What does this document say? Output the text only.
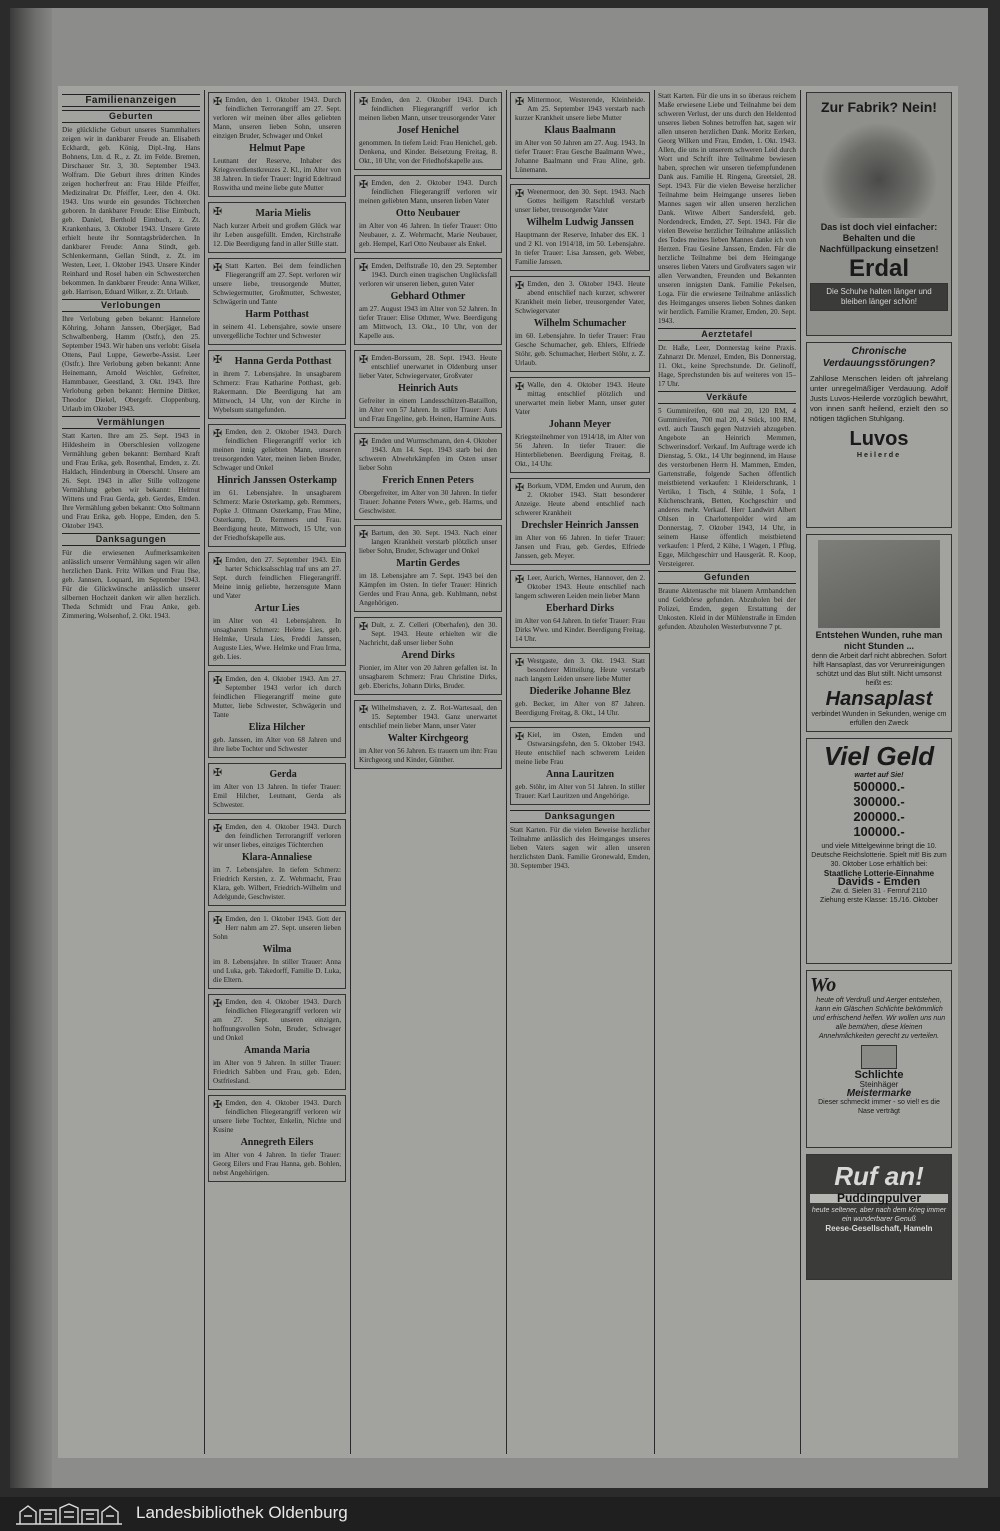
Familienanzeigen
Geburten
Die glückliche Geburt unseres Stammhalters zeigen wir in dankbarer Freude an. Elisabeth Eckhardt, geb. König, Dipl.-Ing. Hans Bohnens, Ltn. d. R., z. Zt. im Felde. Bremen, Dirschauer Str. 3, 30. September 1943. Wolfram. Die Geburt ihres dritten Kindes zeigen hocherfreut an: Frau Hilde Pfeiffer, Medizinalrat Dr. Pfeiffer, Leer, den 4. Okt. 1943. Uns wurde ein gesundes Töchterchen geboren. In dankbarer Freude: Elise Eimbuch, geb. Daniel, Berthold Eimbuch, z. Zt. Krankenhaus, 3. Oktober 1943. Unsere Grete erhielt heute ihr Sonntagsbrüderchen. In dankbarer Freude: Anna Stindt, geb. Schlenkermann, Gellan Stindt, z. Zt. im Westen, Leer, 1. Oktober 1943. Unsere Kinder Reinhard und Rosel haben ein Schwesterchen bekommen. In dankbarer Freude: Anna Wilker, geb. Harrison, Eduard Wilker, z. Zt. Urlaub.
Verlobungen
Ihre Verlobung geben bekannt: Hannelore Köhring, Johann Janssen, Oberjäger, Bad Schwalbenberg, Hamm (Ostfr.), den 25. September 1943. Wir haben uns verlobt: Gisela Ottens, Paul Luppe, Gewerbe-Assist. Leer (Ostfr.). Ihre Verlobung geben bekannt: Anne Heinemann, Arnold Weichler, Gefreiter, Hammbauer, Geestland, 3. Okt. 1943. Ihre Verlobung geben bekannt: Hermine Dittker, Theodor Diekel, Obergefr. Cloppenburg, Urlaub im Oktober 1943.
Vermählungen
Statt Karten. Ihre am 25. Sept. 1943 in Hildesheim in Oberschlesien vollzogene Vermählung geben bekannt: Bernhard Kraft und Frau Erika, geb. Rosenthal, Emden, z. Zt. Haldach, Hindenburg in Oberschl. Unsere am 26. Sept. 1943 in aller Stille vollzogene Vermählung geben wir bekannt: Helmut Wittens und Frau Gerda, geb. Gerdes, Emden. Ihre Vermählung geben bekannt: Otto Soltmann und Frau Erika, geb. Hoppe, Emden, den 5. Oktober 1943.
Danksagungen
Für die erwiesenen Aufmerksamkeiten anlässlich unserer Vermählung sagen wir allen herzlichen Dank. Fritz Wilken und Frau Ilse, geb. Jannsen, Loquard, im September 1943. Für die Glückwünsche anlässlich unserer silbernen Hochzeit danken wir allen herzlich. Theda Schmidt und Frau Anke, geb. Zimmering, Wolsenhof, 2. Okt. 1943.
✠ Emden, den 1. Oktober 1943. Durch feindlichen Terrorangriff am 27. Sept. verloren wir meinen über alles geliebten Mann, unseren lieben Sohn, unseren einzigen Bruder, Schwager und Onkel
Helmut Pape
Leutnant der Reserve, Inhaber des Kriegsverdienstkreuzes 2. Kl., im Alter von 38 Jahren. In tiefer Trauer: Ingrid Edeltraud Roswitha und meine liebe gute Mutter
✠	Maria Mielis
Nach kurzer Arbeit und großem Glück war ihr Leben ausgefüllt. Emden, Kirchstraße 12. Die Beerdigung fand in aller Stille statt.
✠ Statt Karten. Bei dem feindlichen Fliegerangriff am 27. Sept. verloren wir unsere liebe, treusorgende Mutter, Schwiegermutter, Großmutter, Schwester, Schwägerin und Tante
Harm Potthast
in seinem 41. Lebensjahre, sowie unsere unvergeßliche Tochter und Schwester
✠	Hanna Gerda Potthast
in ihrem 7. Lebensjahre. In unsagbarem Schmerz: Frau Katharine Potthast, geb. Rakermann. Die Beerdigung hat am Mittwoch, 14 Uhr, von der Kirche in Wybelsum stattgefunden.
✠ Emden, den 2. Oktober 1943. Durch feindlichen Fliegerangriff verlor ich meinen innig geliebten Mann, unseren treusorgenden Vater, meinen lieben Bruder, Schwager und Onkel
Hinrich Janssen Osterkamp
im 61. Lebensjahre. In unsagbarem Schmerz: Marie Osterkamp, geb. Remmers, Popke J. Oltmann Osterkamp, Frau Mine, Osterkamp, D. Remmers und Frau. Beerdigung heute, Mittwoch, 15 Uhr, von der Friedhofskapelle aus.
✠ Emden, den 27. September 1943. Ein harter Schicksalsschlag traf uns am 27. Sept. durch feindlichen Fliegerangriff. Meine innig geliebte, herzensgute Mann und Vater
Artur Lies
im Alter von 41 Lebensjahren. In unsagbarem Schmerz: Helene Lies, geb. Helmke, Ursula Lies, Freddi Janssen, Auguste Lies, Wwe. Helmke und Frau Irma, geb. Lies.
✠ Emden, den 4. Oktober 1943. Am 27. September 1943 verlor ich durch feindlichen Fliegerangriff meine gute Mutter, liebe Schwester, Schwägerin und Tante
Eliza Hilcher
geb. Janssen, im Alter von 68 Jahren und ihre liebe Tochter und Schwester
✠	Gerda
im Alter von 13 Jahren. In tiefer Trauer: Emil Hilcher, Leutnant, Gerda als Schwester.
✠ Emden, den 4. Oktober 1943. Durch den feindlichen Terrorangriff verloren wir unser liebes, einziges Töchterchen
Klara-Annaliese
im 7. Lebensjahre. In tiefem Schmerz: Friedrich Kersten, z. Z. Wehrmacht, Frau Klara, geb. Wilbert, Friedrich-Wilhelm und Adelgunde, Geschwister.
✠ Emden, den 1. Oktober 1943. Gott der Herr nahm am 27. Sept. unseren lieben Sohn
Wilma
im 8. Lebensjahre. In stiller Trauer: Anna und Luka, geb. Takedorff, Familie D. Luka, die Eltern.
✠ Emden, den 4. Oktober 1943. Durch feindlichen Fliegerangriff verloren wir am 27. Sept. unseren einzigen, hoffnungsvollen Sohn, Bruder, Schwager und Onkel
Amanda Maria
im Alter von 9 Jahren. In stiller Trauer: Friedrich Sabben und Frau, geb. Eden, Ostfriesland.
✠ Emden, den 4. Oktober 1943. Durch feindlichen Fliegerangriff verloren wir unsere liebe Tochter, Enkelin, Nichte und Kusine
Annegreth Eilers
im Alter von 4 Jahren. In tiefer Trauer: Georg Eilers und Frau Hanna, geb. Bohlen, nebst Angehörigen.
✠ Emden, den 2. Oktober 1943. Durch feindlichen Fliegerangriff verlor ich meinen lieben Mann, unser treusorgender Vater
Josef Henichel
genommen. In tiefem Leid: Frau Henichel, geb. Denkena, und Kinder. Beisetzung Freitag, 8. Okt., 10 Uhr, von der Friedhofskapelle aus.
✠ Emden, den 2. Oktober 1943. Durch feindlichen Fliegerangriff verloren wir meinen geliebten Mann, unseren lieben Vater
Otto Neubauer
im Alter von 46 Jahren. In tiefer Trauer: Otto Neubauer, z. Z. Wehrmacht, Marie Neubauer, geb. Hempel, Karl Otto Neubauer als Enkel.
✠ Emden, Delftstraße 10, den 29. September 1943. Durch einen tragischen Unglücksfall verloren wir unseren lieben, guten Vater
Gebhard Othmer
am 27. August 1943 im Alter von 52 Jahren. In tiefer Trauer: Elise Othmer, Wwe. Beerdigung am Mittwoch, 13. Okt., 10 Uhr, von der Kapelle aus.
✠ Emden-Borssum, 28. Sept. 1943. Heute entschlief unerwartet in Oldenburg unser lieber Vater, Schwiegervater, Großvater
Heinrich Auts
Gefreiter in einem Landesschützen-Bataillon, im Alter von 57 Jahren. In stiller Trauer: Auts und Frau Engeline, geb. Heinen, Harmine Auts.
✠ Emden und Wurmschmann, den 4. Oktober 1943. Am 14. Sept. 1943 starb bei den schweren Abwehrkämpfen im Osten unser lieber Sohn
Frerich Ennen Peters
Obergefreiter, im Alter von 30 Jahren. In tiefer Trauer: Johanne Peters Wwe., geb. Harms, und Geschwister.
✠ Bartum, den 30. Sept. 1943. Nach einer langen Krankheit verstarb plötzlich unser lieber Sohn, Bruder, Schwager und Onkel
Martin Gerdes
im 18. Lebensjahre am 7. Sept. 1943 bei den Kämpfen im Osten. In tiefer Trauer: Hinrich Gerdes und Frau Anna, geb. Kuhlmann, nebst Angehörigen.
✠ Dult, z. Z. Celleri (Oberhafen), den 30. Sept. 1943. Heute erhielten wir die Nachricht, daß unser lieber Sohn
Arend Dirks
Pionier, im Alter von 20 Jahren gefallen ist. In unsagbarem Schmerz: Frau Christine Dirks, geb. Eberichs, Johann Dirks, Bruder.
✠ Wilhelmshaven, z. Z. Rot-Wartesaal, den 15. September 1943. Ganz unerwartet entschlief mein lieber Mann, unser Vater
Walter Kirchgeorg
im Alter von 56 Jahren. Es trauern um ihn: Frau Kirchgeorg und Kinder, Günther.
✠ Mittermoor, Westerende, Kleinheide. Am 25. September 1943 verstarb nach kurzer Krankheit unsere liebe Mutter
Klaus Baalmann
im Alter von 50 Jahren am 27. Aug. 1943. In tiefer Trauer: Frau Gesche Baalmann Wwe., Johanne Baalmann und Frau Aline, geb. Lünemann.
✠ Weenermoor, den 30. Sept. 1943. Nach Gottes heiligem Ratschluß verstarb unser lieber, treusorgender Vater
Wilhelm Ludwig Janssen
Hauptmann der Reserve, Inhaber des EK. 1 und 2 Kl. von 1914/18, im 50. Lebensjahre. In tiefer Trauer: Lisa Janssen, geb. Weber, Familie Janssen.
✠ Emden, den 3. Oktober 1943. Heute abend entschlief nach kurzer, schwerer Krankheit mein lieber, treusorgender Vater, Schwiegervater
Wilhelm Schumacher
im 60. Lebensjahre. In tiefer Trauer: Frau Gesche Schumacher, geb. Ehlers, Elfriede Stöhr, geb. Schumacher, Herbert Stöhr, z. Z. Urlaub.
✠ Walle, den 4. Oktober 1943. Heute mittag entschlief plötzlich und unerwartet mein lieber Mann, unser guter Vater
Johann Meyer
Kriegsteilnehmer von 1914/18, im Alter von 56 Jahren. In tiefer Trauer: die Hinterbliebenen. Beerdigung Freitag, 8. Okt., 14 Uhr.
✠ Borkum, VDM, Emden und Aurum, den 2. Oktober 1943. Statt besonderer Anzeige. Heute abend entschlief nach schwerer Krankheit
Drechsler Heinrich Janssen
im Alter von 66 Jahren. In tiefer Trauer: Jansen und Frau, geb. Gerdes, Elfriede Janssen, geb. Meyer.
✠ Leer, Aurich, Wernes, Hannover, den 2. Oktober 1943. Heute entschlief nach langem schweren Leiden mein lieber Mann
Eberhard Dirks
im Alter von 64 Jahren. In tiefer Trauer: Frau Dirks Wwe. und Kinder. Beerdigung Freitag, 14 Uhr.
✠ Westgaste, den 3. Okt. 1943. Statt besonderer Mitteilung. Heute verstarb nach langem Leiden unsere liebe Mutter
Diederike Johanne Blez
geb. Becker, im Alter von 87 Jahren. Beerdigung Freitag, 8. Okt., 14 Uhr.
✠ Kiel, im Osten, Emden und Ostwarsingsfehn, den 5. Oktober 1943. Heute entschlief nach schwerem Leiden meine liebe Frau
Anna Lauritzen
geb. Stöhr, im Alter von 51 Jahren. In stiller Trauer: Karl Lauritzen und Angehörige.
Danksagungen
Statt Karten. Für die vielen Beweise herzlicher Teilnahme anlässlich des Heimganges unseres lieben Vaters sagen wir allen unseren herzlichsten Dank. Familie Gronewald, Emden, 30. September 1943.
Statt Karten. Für die uns in so überaus reichem Maße erwiesene Liebe und Teilnahme bei dem schweren Verlust, der uns durch den Heldentod unseres lieben Sohnes betroffen hat, sagen wir allen unseren herzlichen Dank. Moritz Eerken, Georg Wilken und Frau, Emden, 1. Okt. 1943. Allen, die uns in unserem schweren Leid durch Wort und Schrift ihre Teilnahme bewiesen haben, sprechen wir unseren tiefempfundenen Dank aus. Familie H. Ringena, Greetsiel, 28. Sept. 1943. Für die vielen Beweise herzlicher Teilnahme beim Heimgange unseres lieben Mannes sagen wir allen unseren herzlichen Dank. Witwe Albert Sandersfeld, geb. Nordendreck, Emden, 27. Sept. 1943. Für die vielen Beweise herzlicher Teilnahme anlässlich des Todes meines lieben Mannes danke ich von Herzen. Frau Gesine Janssen, Emden. Für die herzliche Teilnahme bei dem Heimgange unseres lieben Vaters und Großvaters sagen wir allen Verwandten, Freunden und Bekannten unseren innigsten Dank. Familie Pekelsen, Loga. Für die erwiesene Teilnahme anlässlich des Heimganges unseres lieben Sohnes danken wir herzlich. Familie Kramer, Emden, 20. Sept. 1943.
Aerztetafel
Dr. Haße, Leer, Donnerstag keine Praxis. Zahnarzt Dr. Menzel, Emden, Bis Donnerstag, 11. Okt., keine Sprechstunde. Dr. Gelinoff, Hage, Sprechstunden bis auf weiteres von 15–17 Uhr.
Verkäufe
5 Gummireifen, 600 mal 20, 120 RM, 4 Gummireifen, 700 mal 20, 4 Stück, 100 RM, evtl. auch Tausch gegen Nutzvieh abzugeben. Angebote an Heinrich Memmen, Schwerinsdorf. Verkauf. Im Auftrage werde ich Dienstag, 5. Okt., 14 Uhr beginnend, im Hause des verstorbenen Herrn H. Mammen, Emden, Gartenstraße, folgende Sachen öffentlich meistbietend verkaufen: 1 Kleiderschrank, 1 Vertiko, 1 Tisch, 4 Stühle, 1 Sofa, 1 Küchenschrank, Betten, Kochgeschirr und anderes mehr. Verkauf. Herr Landwirt Albert Ohlsen in Charlottenpolder wird am Donnerstag, 7. Oktober 1943, 14 Uhr, in seinem Hause öffentlich meistbietend verkaufen: 1 Pferd, 2 Kühe, 1 Wagen, 1 Pflug, Egge, Milchgeschirr und Hausgerät. R. Koop, Versteigerer.
Gefunden
Braune Aktentasche mit blauem Armbandchen und Geldbörse gefunden. Abzuholen bei der Polizei, Emden, gegen Erstattung der Unkosten. Kleid in der Mühlenstraße in Emden gefunden. Abzuholen Westerbutvenne 7 pt.
Zur Fabrik? Nein!
Das ist doch viel einfacher: Behalten und die Nachfüllpackung einsetzen!
Erdal
Die Schuhe halten länger und bleiben länger schön!
Chronische Verdauungsstörungen?
Zahllose Menschen leiden oft jahrelang unter unregelmäßiger Verdauung. Adolf Justs Luvos-Heilerde vorzüglich bewährt, von innen sanft heilend, erzielt den so nötigen täglichen Stuhlgang.
Luvos
Heilerde
Entstehen Wunden, ruhe man nicht Stunden ...
denn die Arbeit darf nicht abbrechen. Sofort hilft Hansaplast, das vor Verunreinigungen schützt und das Blut stillt. Nicht umsonst heißt es:
Hansaplast
verbindet Wunden in Sekunden, wenige cm erfüllen den Zweck
Viel Geld
wartet auf Sie!
500000.-
300000.-
200000.-
100000.-
und viele Mittelgewinne bringt die 10. Deutsche Reichslotterie. Spielt mit! Bis zum 30. Oktober Lose erhältlich bei:
Staatliche Lotterie-Einnahme
Davids - Emden
Zw. d. Sielen 31 · Fernruf 2110
Ziehung erste Klasse: 15./16. Oktober
Wo
heute oft Verdruß und Aerger entstehen, kann ein Gläschen Schlichte bekömmlich und erfrischend helfen. Wir wollen uns nun alle bemühen, diese kleinen Annehmlichkeiten gerecht zu verteilen.
Schlichte
Steinhäger
Meistermarke
Dieser schmeckt immer - so viel! es die Nase verträgt
Ruf an!
Puddingpulver
heute seltener, aber nach dem Krieg immer ein wunderbarer Genuß
Reese-Gesellschaft, Hameln
Landesbibliothek Oldenburg
